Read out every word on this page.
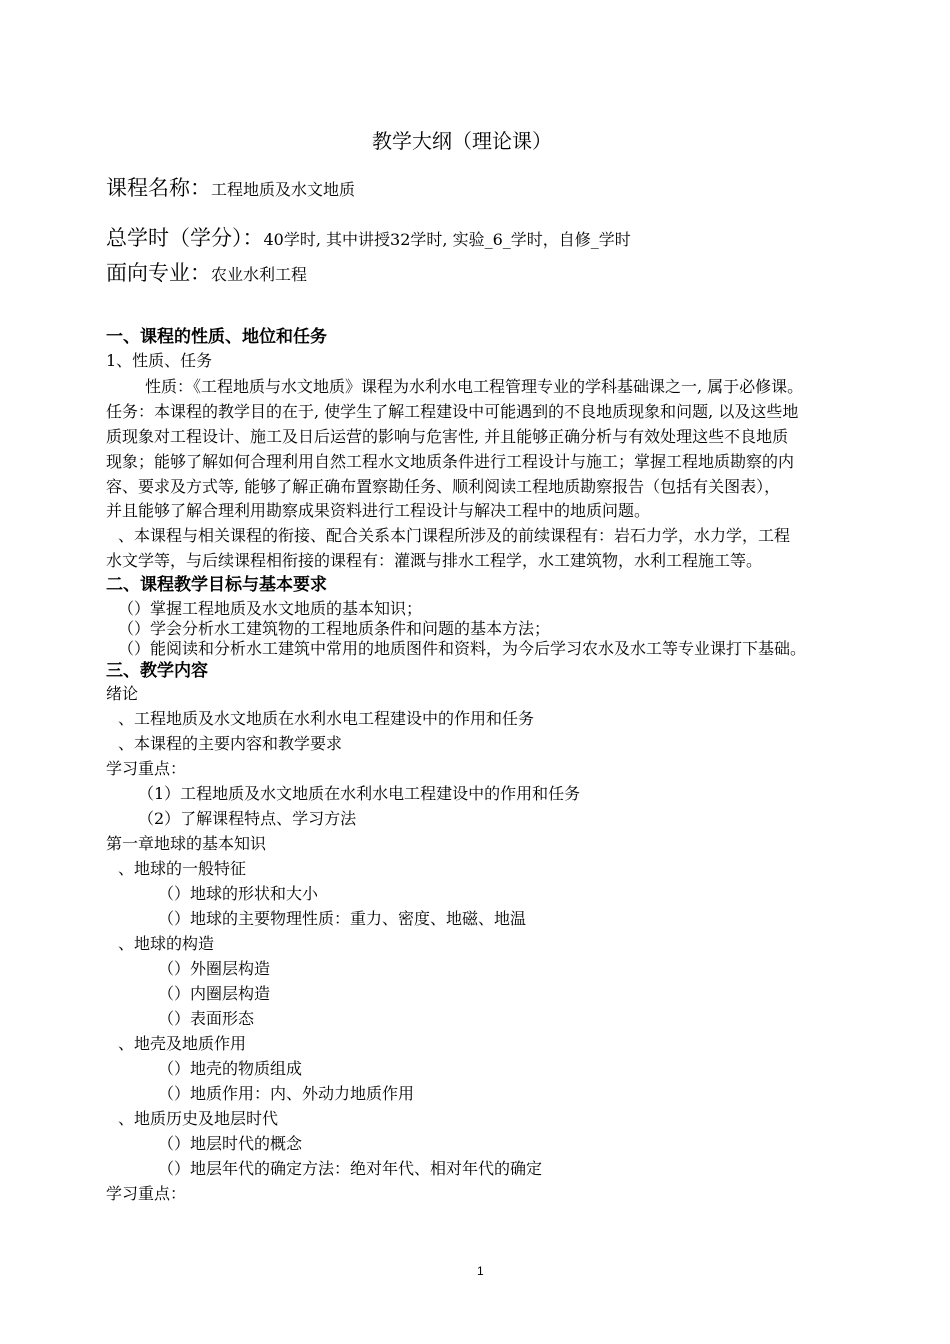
教学大纲（理论课）
课程名称：工程地质及水文地质
总学时（学分）：40学时, 其中讲授32学时, 实验_6_学时，自修_学时
面向专业：农业水利工程
一、课程的性质、地位和任务
1、性质、任务
性质：《工程地质与水文地质》课程为水利水电工程管理专业的学科基础课之一, 属于必修课。
任务：本课程的教学目的在于, 使学生了解工程建设中可能遇到的不良地质现象和问题, 以及这些地
质现象对工程设计、施工及日后运营的影响与危害性, 并且能够正确分析与有效处理这些不良地质
现象；能够了解如何合理利用自然工程水文地质条件进行工程设计与施工；掌握工程地质勘察的内
容、要求及方式等, 能够了解正确布置察勘任务、顺利阅读工程地质勘察报告（包括有关图表），
并且能够了解合理利用勘察成果资料进行工程设计与解决工程中的地质问题。
、本课程与相关课程的衔接、配合关系本门课程所涉及的前续课程有：岩石力学，水力学，工程
水文学等，与后续课程相衔接的课程有：灌溉与排水工程学，水工建筑物，水利工程施工等。
二、课程教学目标与基本要求
（）掌握工程地质及水文地质的基本知识；
（）学会分析水工建筑物的工程地质条件和问题的基本方法；
（）能阅读和分析水工建筑中常用的地质图件和资料，为今后学习农水及水工等专业课打下基础。
三、教学内容
绪论
、工程地质及水文地质在水利水电工程建设中的作用和任务
、本课程的主要内容和教学要求
学习重点：
（1）工程地质及水文地质在水利水电工程建设中的作用和任务
（2）了解课程特点、学习方法
第一章地球的基本知识
、地球的一般特征
（）地球的形状和大小
（）地球的主要物理性质：重力、密度、地磁、地温
、地球的构造
（）外圈层构造
（）内圈层构造
（）表面形态
、地壳及地质作用
（）地壳的物质组成
（）地质作用：内、外动力地质作用
、地质历史及地层时代
（）地层时代的概念
（）地层年代的确定方法：绝对年代、相对年代的确定
学习重点：
1
